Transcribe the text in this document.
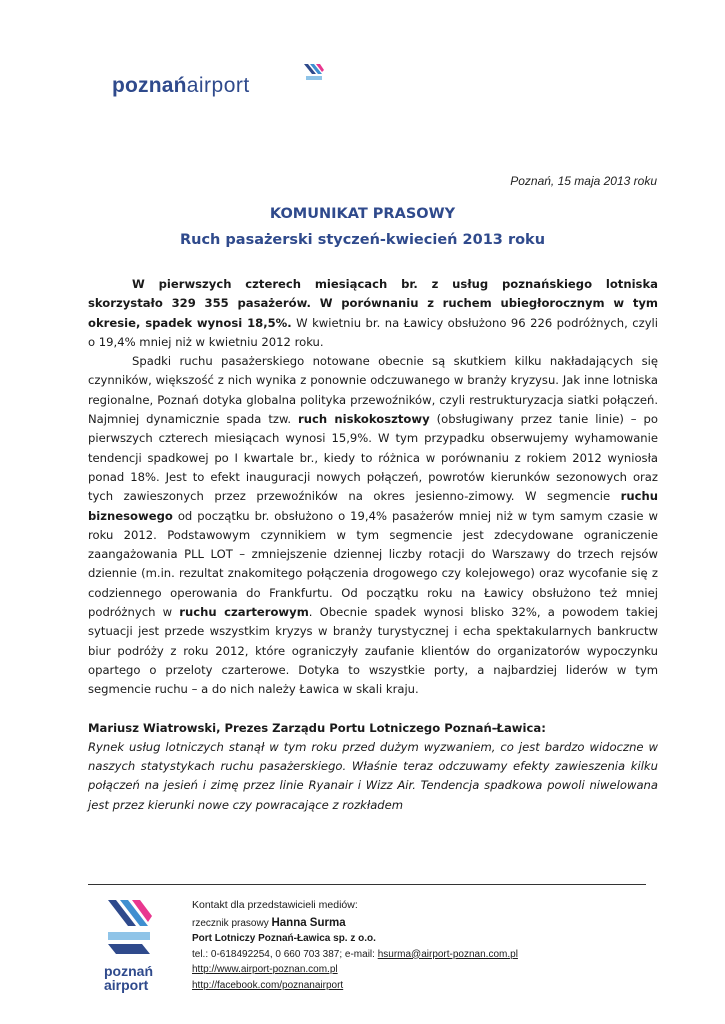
poznańairport
Poznań, 15 maja 2013 roku
KOMUNIKAT PRASOWY
Ruch pasażerski styczeń-kwiecień 2013 roku

W pierwszych czterech miesiącach br. z usług poznańskiego lotniska skorzystało 329 355 pasażerów. W porównaniu z ruchem ubiegłorocznym w tym okresie, spadek wynosi 18,5%. W kwietniu br. na Ławicy obsłużono 96 226 podróżnych, czyli o 19,4% mniej niż w kwietniu 2012 roku.

Spadki ruchu pasażerskiego notowane obecnie są skutkiem kilku nakładających się czynników, większość z nich wynika z ponownie odczuwanego w branży kryzysu. Jak inne lotniska regionalne, Poznań dotyka globalna polityka przewoźników, czyli restrukturyzacja siatki połączeń. Najmniej dynamicznie spada tzw. ruch niskokosztowy (obsługiwany przez tanie linie) – po pierwszych czterech miesiącach wynosi 15,9%. W tym przypadku obserwujemy wyhamowanie tendencji spadkowej po I kwartale br., kiedy to różnica w porównaniu z rokiem 2012 wyniosła ponad 18%. Jest to efekt inauguracji nowych połączeń, powrotów kierunków sezonowych oraz tych zawieszonych przez przewoźników na okres jesienno-zimowy. W segmencie ruchu biznesowego od początku br. obsłużono o 19,4% pasażerów mniej niż w tym samym czasie w roku 2012. Podstawowym czynnikiem w tym segmencie jest zdecydowane ograniczenie zaangażowania PLL LOT – zmniejszenie dziennej liczby rotacji do Warszawy do trzech rejsów dziennie (m.in. rezultat znakomitego połączenia drogowego czy kolejowego) oraz wycofanie się z codziennego operowania do Frankfurtu. Od początku roku na Ławicy obsłużono też mniej podróżnych w ruchu czarterowym. Obecnie spadek wynosi blisko 32%, a powodem takiej sytuacji jest przede wszystkim kryzys w branży turystycznej i echa spektakularnych bankructw biur podróży z roku 2012, które ograniczyły zaufanie klientów do organizatorów wypoczynku opartego o przeloty czarterowe. Dotyka to wszystkie porty, a najbardziej liderów w tym segmencie ruchu – a do nich należy Ławica w skali kraju.

Mariusz Wiatrowski, Prezes Zarządu Portu Lotniczego Poznań-Ławica:

Rynek usług lotniczych stanął w tym roku przed dużym wyzwaniem, co jest bardzo widoczne w naszych statystykach ruchu pasażerskiego. Właśnie teraz odczuwamy efekty zawieszenia kilku połączeń na jesień i zimę przez linie Ryanair i Wizz Air. Tendencja spadkowa powoli niwelowana jest przez kierunki nowe czy powracające z rozkładem

poznań
airport
Kontakt dla przedstawicieli mediów:
rzecznik prasowy Hanna Surma
Port Lotniczy Poznań-Ławica sp. z o.o.
tel.: 0-618492254, 0 660 703 387; e-mail: hsurma@airport-poznan.com.pl
http://www.airport-poznan.com.pl
http://facebook.com/poznanairport
